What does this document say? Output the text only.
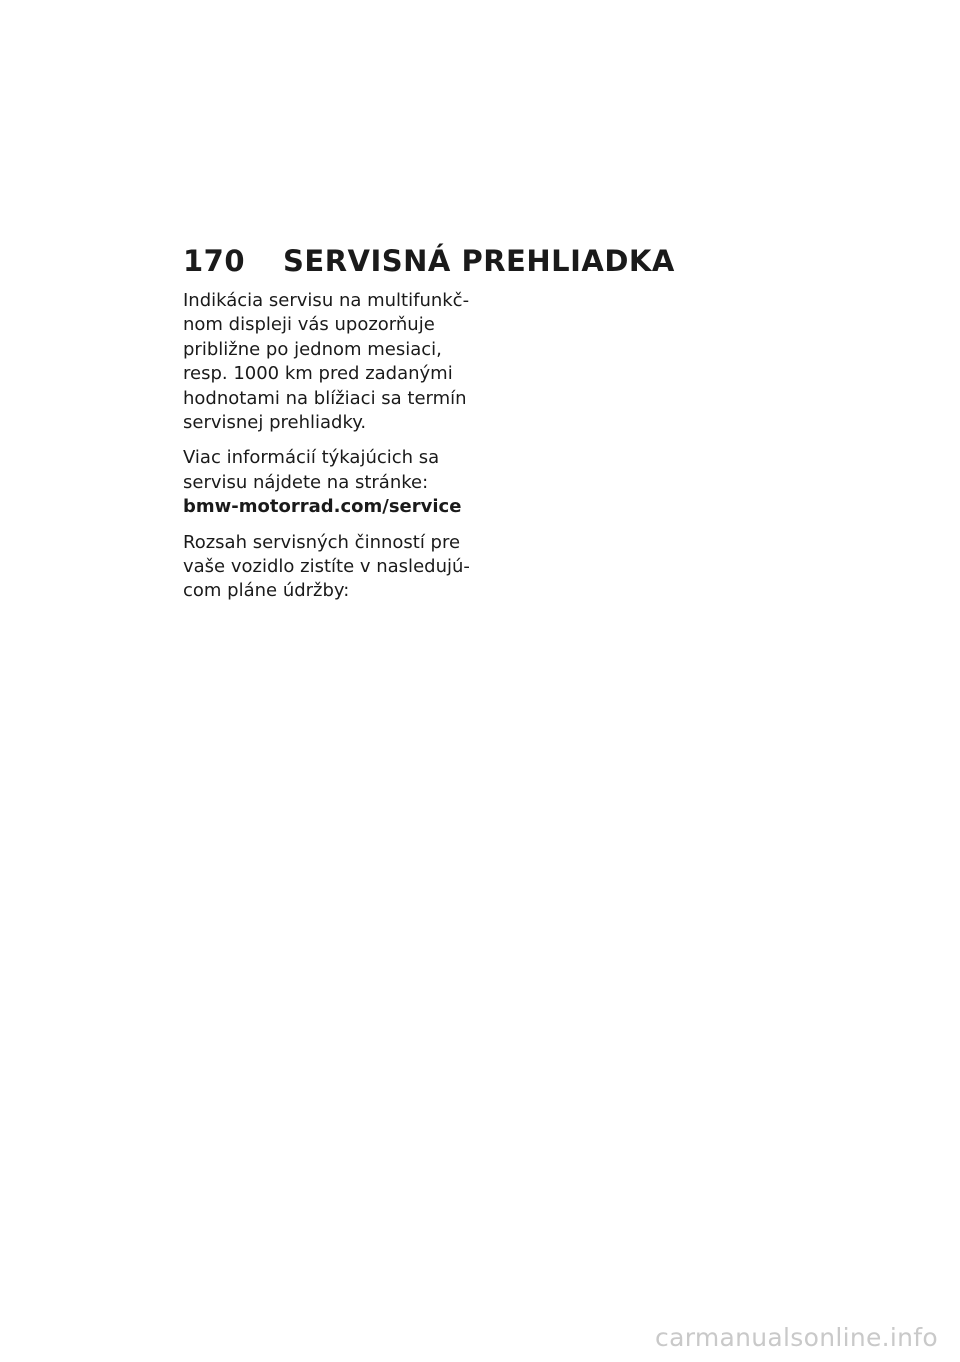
170	SERVISNÁ PREHLIADKA

Indikácia servisu na multifunkč-
nom displeji vás upozorňuje
približne po jednom mesiaci,
resp. 1000 km pred zadanými
hodnotami na blížiaci sa termín
servisnej prehliadky.

Viac informácií týkajúcich sa
servisu nájdete na stránke:
bmw-motorrad.com/service

Rozsah servisných činností pre
vaše vozidlo zistíte v nasledujú-
com pláne údržby:

carmanualsonline.info
